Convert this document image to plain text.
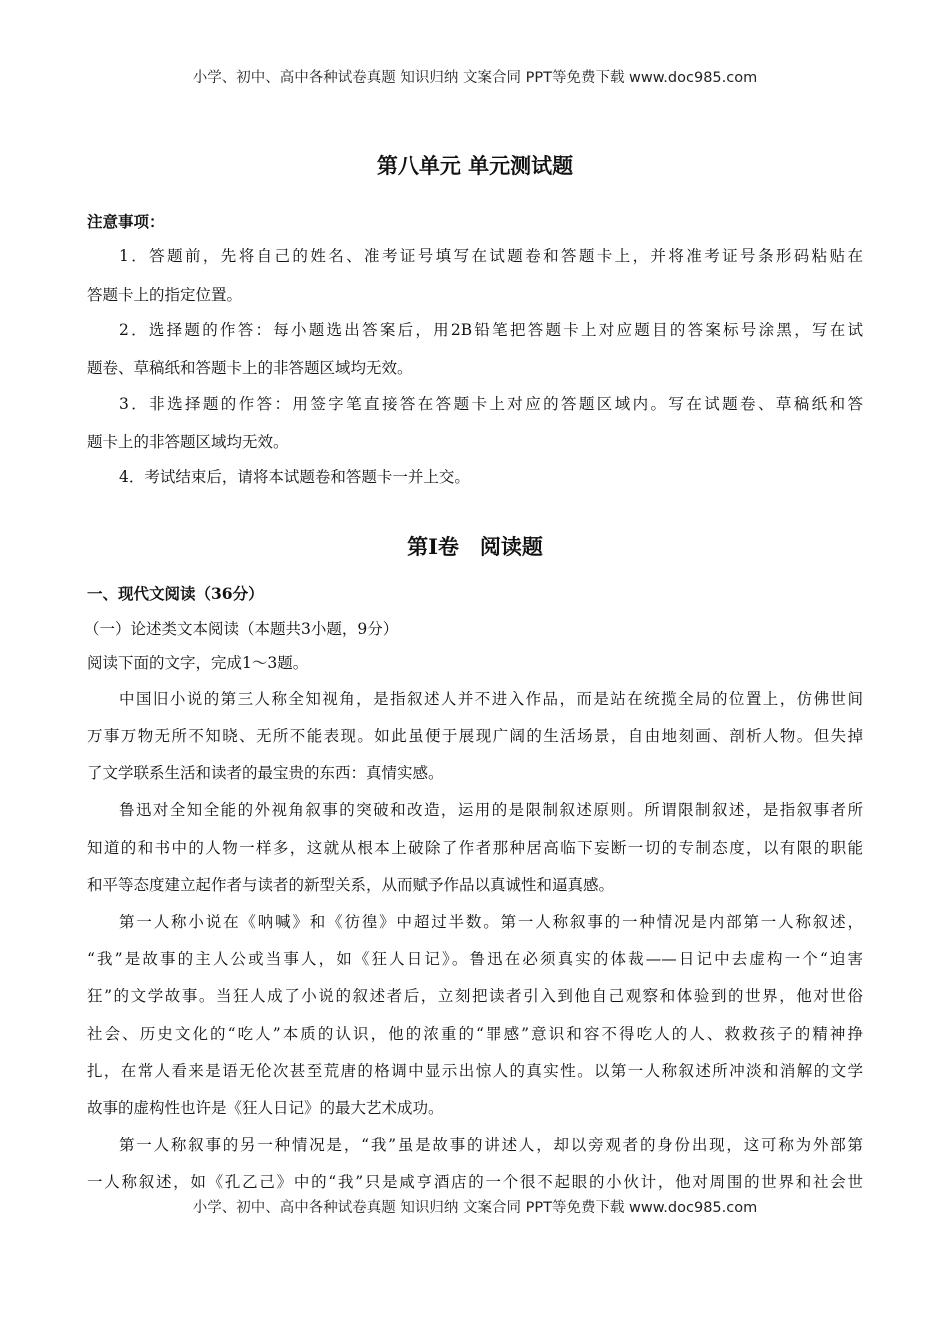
小学、初中、高中各种试卷真题 知识归纳 文案合同 PPT等免费下载 www.doc985.com
第八单元 单元测试题
注意事项：
1．答题前，先将自己的姓名、准考证号填写在试题卷和答题卡上，并将准考证号条形码粘贴在
答题卡上的指定位置。
2．选择题的作答：每小题选出答案后，用2B铅笔把答题卡上对应题目的答案标号涂黑，写在试
题卷、草稿纸和答题卡上的非答题区域均无效。
3．非选择题的作答：用签字笔直接答在答题卡上对应的答题区域内。写在试题卷、草稿纸和答
题卡上的非答题区域均无效。
4．考试结束后，请将本试题卷和答题卡一并上交。
第Ⅰ卷　阅读题
一、现代文阅读（36分）
（一）论述类文本阅读（本题共3小题，9分）
阅读下面的文字，完成1～3题。
中国旧小说的第三人称全知视角，是指叙述人并不进入作品，而是站在统揽全局的位置上，仿佛世间
万事万物无所不知晓、无所不能表现。如此虽便于展现广阔的生活场景，自由地刻画、剖析人物。但失掉
了文学联系生活和读者的最宝贵的东西：真情实感。
鲁迅对全知全能的外视角叙事的突破和改造，运用的是限制叙述原则。所谓限制叙述，是指叙事者所
知道的和书中的人物一样多，这就从根本上破除了作者那种居高临下妄断一切的专制态度，以有限的职能
和平等态度建立起作者与读者的新型关系，从而赋予作品以真诚性和逼真感。
第一人称小说在《呐喊》和《彷徨》中超过半数。第一人称叙事的一种情况是内部第一人称叙述，
“我”是故事的主人公或当事人，如《狂人日记》。鲁迅在必须真实的体裁——日记中去虚构一个“迫害
狂”的文学故事。当狂人成了小说的叙述者后，立刻把读者引入到他自己观察和体验到的世界，他对世俗
社会、历史文化的“吃人”本质的认识，他的浓重的“罪感”意识和容不得吃人的人、救救孩子的精神挣
扎，在常人看来是语无伦次甚至荒唐的格调中显示出惊人的真实性。以第一人称叙述所冲淡和消解的文学
故事的虚构性也许是《狂人日记》的最大艺术成功。
第一人称叙事的另一种情况是，“我”虽是故事的讲述人，却以旁观者的身份出现，这可称为外部第
一人称叙述，如《孔乙己》中的“我”只是咸亨酒店的一个很不起眼的小伙计，他对周围的世界和社会世
小学、初中、高中各种试卷真题 知识归纳 文案合同 PPT等免费下载 www.doc985.com
